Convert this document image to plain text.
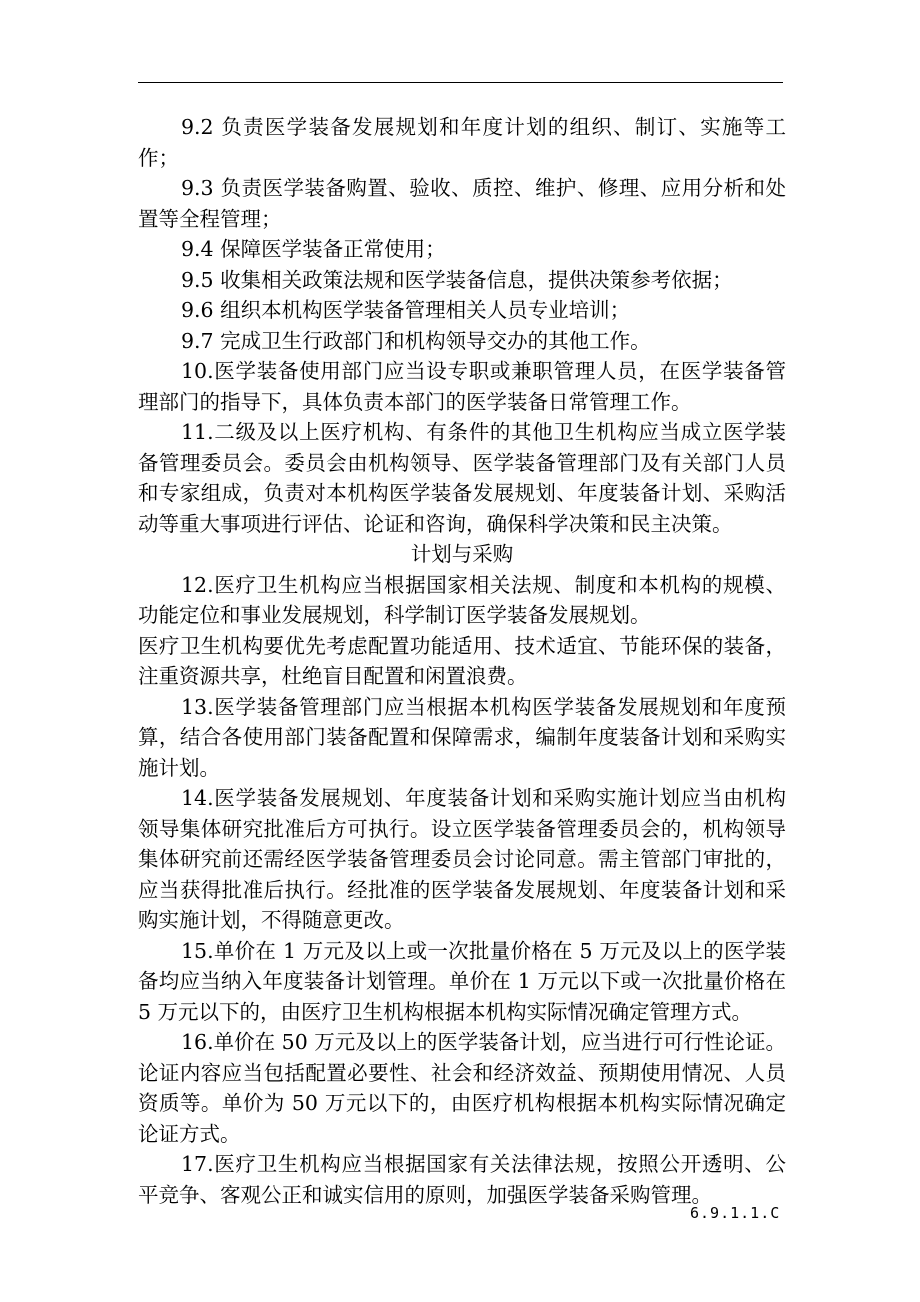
9.2 负责医学装备发展规划和年度计划的组织、制订、实施等工作；

9.3 负责医学装备购置、验收、质控、维护、修理、应用分析和处置等全程管理；

9.4 保障医学装备正常使用；

9.5 收集相关政策法规和医学装备信息，提供决策参考依据；

9.6 组织本机构医学装备管理相关人员专业培训；

9.7 完成卫生行政部门和机构领导交办的其他工作。

10.医学装备使用部门应当设专职或兼职管理人员，在医学装备管理部门的指导下，具体负责本部门的医学装备日常管理工作。

11.二级及以上医疗机构、有条件的其他卫生机构应当成立医学装备管理委员会。委员会由机构领导、医学装备管理部门及有关部门人员和专家组成，负责对本机构医学装备发展规划、年度装备计划、采购活动等重大事项进行评估、论证和咨询，确保科学决策和民主决策。

计划与采购

12.医疗卫生机构应当根据国家相关法规、制度和本机构的规模、功能定位和事业发展规划，科学制订医学装备发展规划。

医疗卫生机构要优先考虑配置功能适用、技术适宜、节能环保的装备，注重资源共享，杜绝盲目配置和闲置浪费。

13.医学装备管理部门应当根据本机构医学装备发展规划和年度预算，结合各使用部门装备配置和保障需求，编制年度装备计划和采购实施计划。

14.医学装备发展规划、年度装备计划和采购实施计划应当由机构领导集体研究批准后方可执行。设立医学装备管理委员会的，机构领导集体研究前还需经医学装备管理委员会讨论同意。需主管部门审批的，应当获得批准后执行。经批准的医学装备发展规划、年度装备计划和采购实施计划，不得随意更改。

15.单价在 1 万元及以上或一次批量价格在 5 万元及以上的医学装备均应当纳入年度装备计划管理。单价在 1 万元以下或一次批量价格在 5 万元以下的，由医疗卫生机构根据本机构实际情况确定管理方式。

16.单价在 50 万元及以上的医学装备计划，应当进行可行性论证。论证内容应当包括配置必要性、社会和经济效益、预期使用情况、人员资质等。单价为 50 万元以下的，由医疗机构根据本机构实际情况确定论证方式。

17.医疗卫生机构应当根据国家有关法律法规，按照公开透明、公平竞争、客观公正和诚实信用的原则，加强医学装备采购管理。

6.9.1.1.C
